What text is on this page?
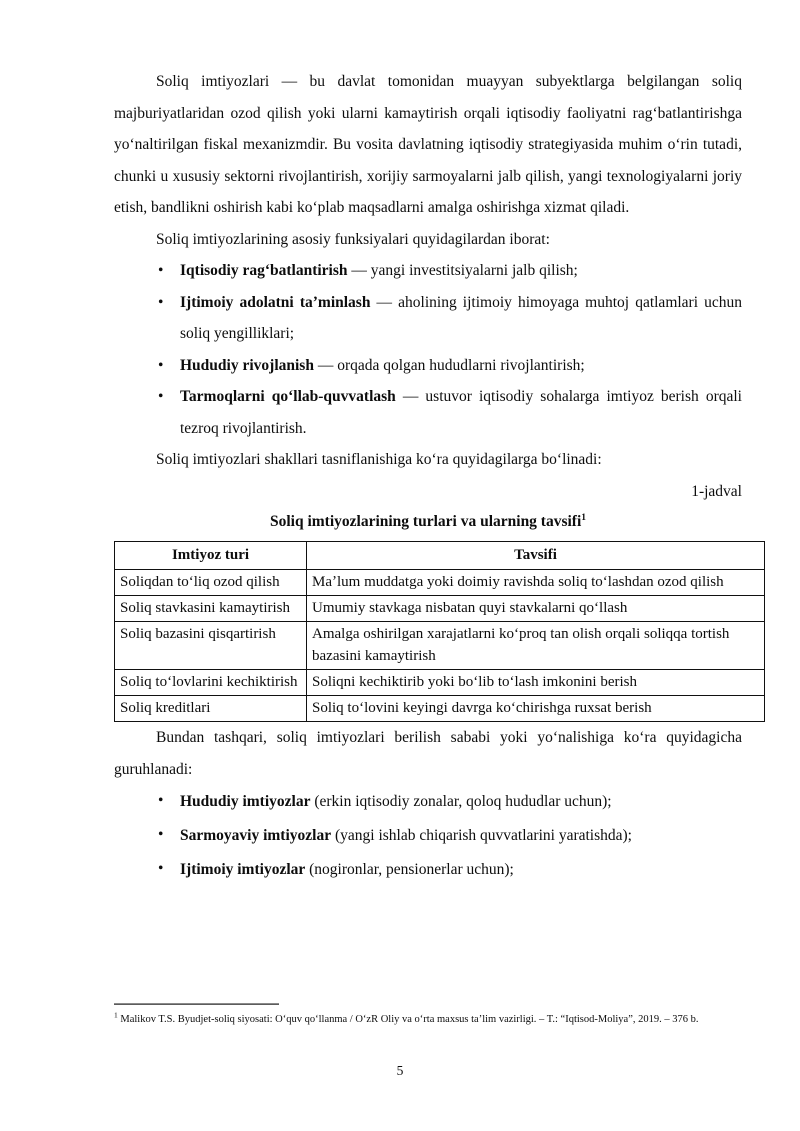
Soliq imtiyozlari — bu davlat tomonidan muayyan subyektlarga belgilangan soliq majburiyatlaridan ozod qilish yoki ularni kamaytirish orqali iqtisodiy faoliyatni ragʻbatlantirishga yoʻnaltirilgan fiskal mexanizmdir. Bu vosita davlatning iqtisodiy strategiyasida muhim oʻrin tutadi, chunki u xususiy sektorni rivojlantirish, xorijiy sarmoyalarni jalb qilish, yangi texnologiyalarni joriy etish, bandlikni oshirish kabi koʻplab maqsadlarni amalga oshirishga xizmat qiladi.

Soliq imtiyozlarining asosiy funksiyalari quyidagilardan iborat:

• Iqtisodiy ragʻbatlantirish — yangi investitsiyalarni jalb qilish;
• Ijtimoiy adolatni taʼminlash — aholining ijtimoiy himoyaga muhtoj qatlamlari uchun soliq yengilliklari;
• Hududiy rivojlanish — orqada qolgan hududlarni rivojlantirish;
• Tarmoqlarni qoʻllab-quvvatlash — ustuvor iqtisodiy sohalarga imtiyoz berish orqali tezroq rivojlantirish.

Soliq imtiyozlari shakllari tasniflanishiga koʻra quyidagilarga boʻlinadi:

1-jadval
Soliq imtiyozlarining turlari va ularning tavsifi$^1$
Imtiyoz turi	Tavsifi
Soliqdan toʻliq ozod qilish	Maʼlum muddatga yoki doimiy ravishda soliq toʻlashdan ozod qilish
Soliq stavkasini kamaytirish	Umumiy stavkaga nisbatan quyi stavkalarni qoʻllash
Soliq bazasini qisqartirish	Amalga oshirilgan xarajatlarni koʻproq tan olish orqali soliqqa tortish bazasini kamaytirish
Soliq toʻlovlarini kechiktirish	Soliqni kechiktirib yoki boʻlib toʻlash imkonini berish
Soliq kreditlari	Soliq toʻlovini keyingi davrga koʻchirishga ruxsat berish

Bundan tashqari, soliq imtiyozlari berilish sababi yoki yoʻnalishiga koʻra quyidagicha guruhlanadi:

• Hududiy imtiyozlar (erkin iqtisodiy zonalar, qoloq hududlar uchun);
• Sarmoyaviy imtiyozlar (yangi ishlab chiqarish quvvatlarini yaratishda);
• Ijtimoiy imtiyozlar (nogironlar, pensionerlar uchun);

$^1$ Malikov T.S. Byudjet-soliq siyosati: Oʻquv qoʻllanma / OʻzR Oliy va oʻrta maxsus taʼlim vazirligi. – T.: “Iqtisod-Moliya”, 2019. – 376 b.

5
